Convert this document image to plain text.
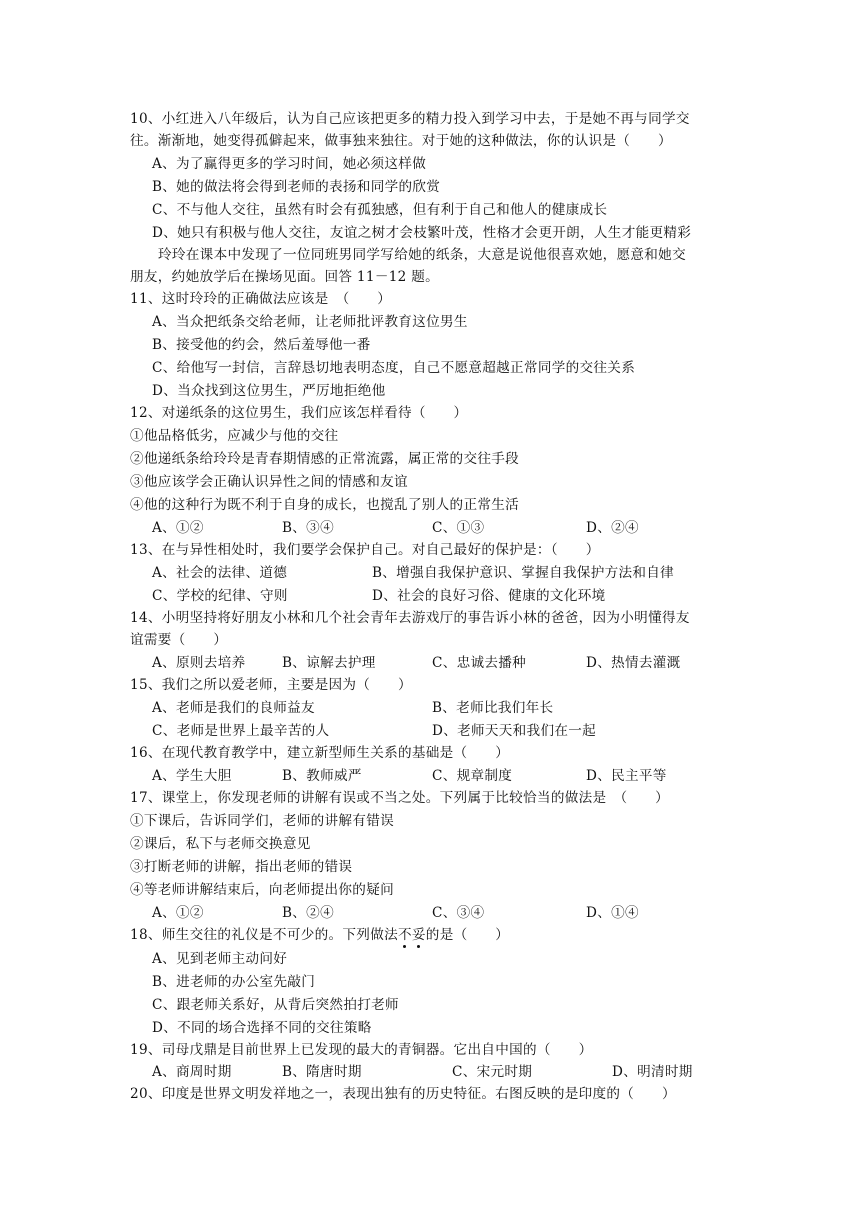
10、小红进入八年级后，认为自己应该把更多的精力投入到学习中去，于是她不再与同学交
往。渐渐地，她变得孤僻起来，做事独来独往。对于她的这种做法，你的认识是（　　）
A、为了赢得更多的学习时间，她必须这样做
B、她的做法将会得到老师的表扬和同学的欣赏
C、不与他人交往，虽然有时会有孤独感，但有利于自己和他人的健康成长
D、她只有积极与他人交往，友谊之树才会枝繁叶茂，性格才会更开朗，人生才能更精彩
玲玲在课本中发现了一位同班男同学写给她的纸条，大意是说他很喜欢她，愿意和她交
朋友，约她放学后在操场见面。回答 11－12 题。
11、这时玲玲的正确做法应该是　（　　）
A、当众把纸条交给老师，让老师批评教育这位男生
B、接受他的约会，然后羞辱他一番
C、给他写一封信，言辞恳切地表明态度，自己不愿意超越正常同学的交往关系
D、当众找到这位男生，严厉地拒绝他
12、对递纸条的这位男生，我们应该怎样看待（　　）
①他品格低劣，应减少与他的交往
②他递纸条给玲玲是青春期情感的正常流露，属正常的交往手段
③他应该学会正确认识异性之间的情感和友谊
④他的这种行为既不利于自身的成长，也搅乱了别人的正常生活
A、①②	B、③④	C、①③	D、②④
13、在与异性相处时，我们要学会保护自己。对自己最好的保护是：（　　）
A、社会的法律、道德	B、增强自我保护意识、掌握自我保护方法和自律
C、学校的纪律、守则	D、社会的良好习俗、健康的文化环境
14、小明坚持将好朋友小林和几个社会青年去游戏厅的事告诉小林的爸爸，因为小明懂得友
谊需要（　　）
A、原则去培养	B、谅解去护理	C、忠诚去播种	D、热情去灌溉
15、我们之所以爱老师，主要是因为（　　）
A、老师是我们的良师益友	B、老师比我们年长
C、老师是世界上最辛苦的人	D、老师天天和我们在一起
16、在现代教育教学中，建立新型师生关系的基础是（　　）
A、学生大胆	B、教师威严	C、规章制度	D、民主平等
17、课堂上，你发现老师的讲解有误或不当之处。下列属于比较恰当的做法是　（　　）
①下课后，告诉同学们，老师的讲解有错误
②课后，私下与老师交换意见
③打断老师的讲解，指出老师的错误
④等老师讲解结束后，向老师提出你的疑问
A、①②	B、②④	C、③④	D、①④
18、师生交往的礼仪是不可少的。下列做法不妥的是（　　）
A、见到老师主动问好
B、进老师的办公室先敲门
C、跟老师关系好，从背后突然拍打老师
D、不同的场合选择不同的交往策略
19、司母戊鼎是目前世界上已发现的最大的青铜器。它出自中国的（　　）
A、商周时期	B、隋唐时期	C、宋元时期	D、明清时期
20、印度是世界文明发祥地之一，表现出独有的历史特征。右图反映的是印度的（　　）
